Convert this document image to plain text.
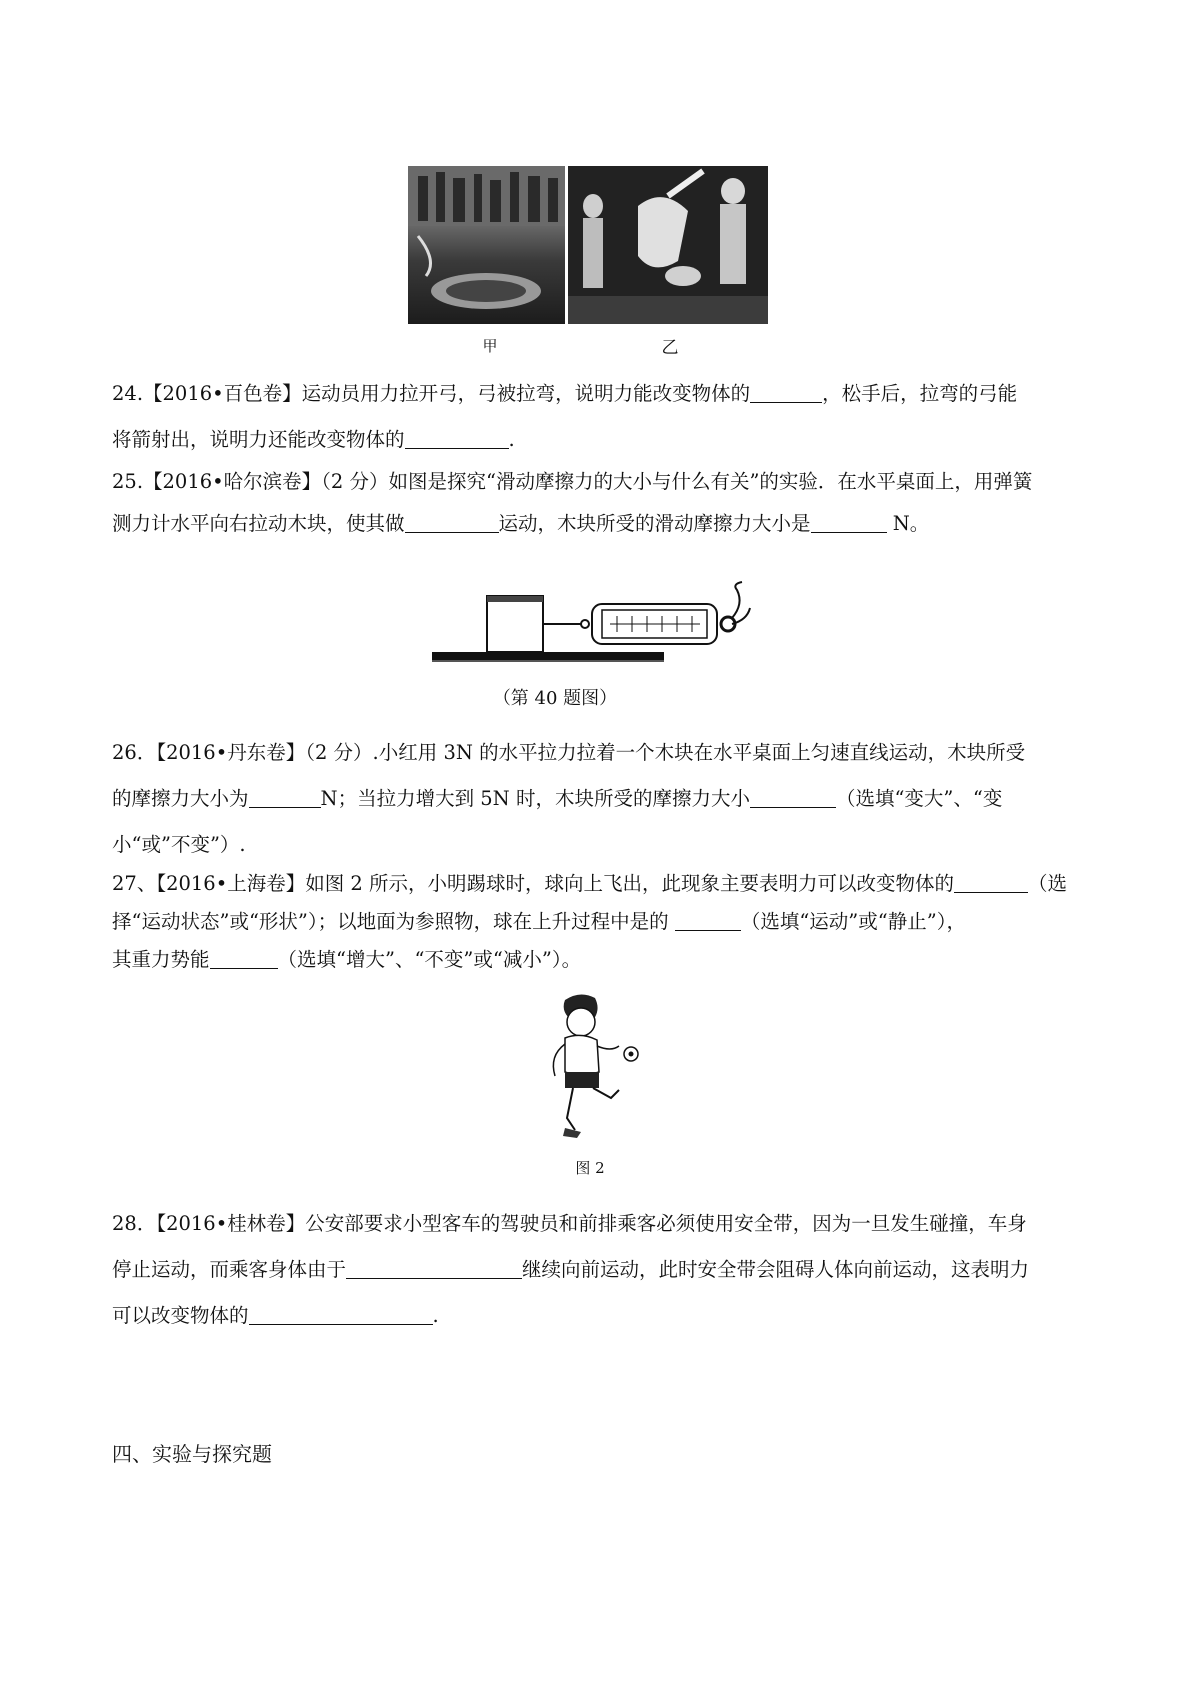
甲	乙
24.【2016•百色卷】运动员用力拉开弓，弓被拉弯，说明力能改变物体的	，松手后，拉弯的弓能
将箭射出，说明力还能改变物体的	.
25.【2016•哈尔滨卷】（2 分）如图是探究“滑动摩擦力的大小与什么有关”的实验．在水平桌面上，用弹簧
测力计水平向右拉动木块，使其做	运动，木块所受的滑动摩擦力大小是	N。
（第 40 题图）
26．【2016•丹东卷】（2 分）.小红用 3N 的水平拉力拉着一个木块在水平桌面上匀速直线运动，木块所受
的摩擦力大小为	N；当拉力增大到 5N 时，木块所受的摩擦力大小	（选填“变大”、“变
小“或”不变”）.
27、【2016•上海卷】如图 2 所示，小明踢球时，球向上飞出，此现象主要表明力可以改变物体的	（选
择“运动状态”或“形状”）；以地面为参照物，球在上升过程中是的	（选填“运动”或“静止”），
其重力势能	（选填“增大”、“不变”或“减小”）。
图 2
28．【2016•桂林卷】公安部要求小型客车的驾驶员和前排乘客必须使用安全带，因为一旦发生碰撞，车身
停止运动，而乘客身体由于	继续向前运动，此时安全带会阻碍人体向前运动，这表明力
可以改变物体的	.
四、实验与探究题
